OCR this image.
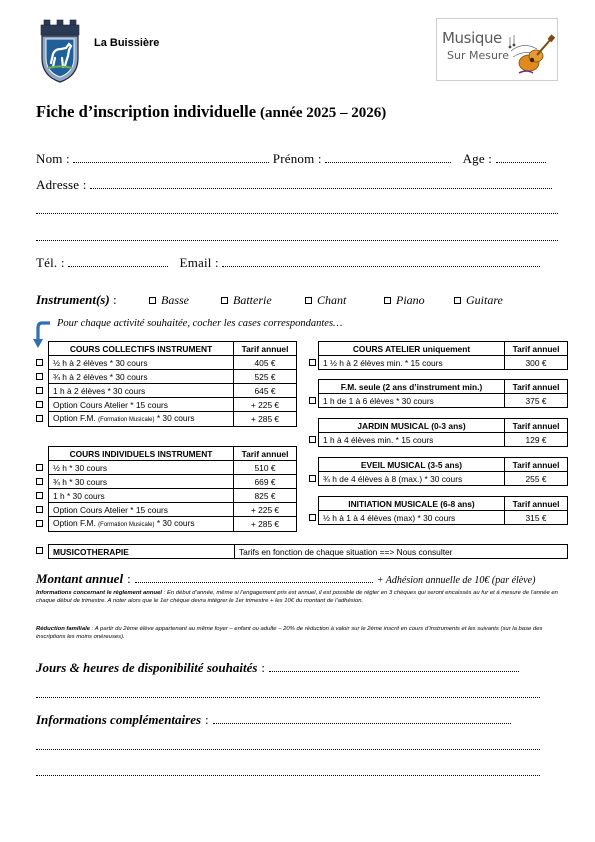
La Buissière	Musique
Sur Mesure
Fiche d’inscription individuelle (année 2025 – 2026)
Nom :	Prénom :	Age :
Adresse :
Tél. :	Email :
Instrument(s) :	Basse	Batterie	Chant	Piano	Guitare
Pour chaque activité souhaitée, cocher les cases correspondantes…
COURS COLLECTIFS INSTRUMENT	Tarif annuel
½ h à 2 élèves * 30 cours	405 €
¾ h à 2 élèves * 30 cours	525 €
1 h à 2 élèves * 30 cours	645 €
Option Cours Atelier * 15 cours	+ 225 €
Option F.M. (Formation Musicale) * 30 cours	+ 285 €
COURS INDIVIDUELS INSTRUMENT	Tarif annuel
½ h * 30 cours	510 €
¾ h * 30 cours	669 €
1 h * 30 cours	825 €
Option Cours Atelier * 15 cours	+ 225 €
Option F.M. (Formation Musicale) * 30 cours	+ 285 €
COURS ATELIER uniquement	Tarif annuel
1 ½ h à 2 élèves min. * 15 cours	300 €
F.M. seule (2 ans d’instrument min.)	Tarif annuel
1 h de 1 à 6 élèves * 30 cours	375 €
JARDIN MUSICAL (0-3 ans)	Tarif annuel
1 h à 4 élèves min. * 15 cours	129 €
EVEIL MUSICAL (3-5 ans)	Tarif annuel
¾ h de 4 élèves à 8 (max.) * 30 cours	255 €
INITIATION MUSICALE (6-8 ans)	Tarif annuel
½ h à 1 à 4 élèves (max) * 30 cours	315 €
MUSICOTHERAPIE	Tarifs en fonction de chaque situation ==> Nous consulter
Montant annuel :	+ Adhésion annuelle de 10€ (par élève)
Informations concernant le règlement annuel : En début d’année, même si l’engagement pris est annuel, il est possible de régler en 3 chèques qui seront encaissés au fur et à mesure de l’année en chaque début de trimestre. A noter alors que le 1er chèque devra intégrer le 1er trimestre + les 10€ du montant de l’adhésion.
Réduction familiale : A partir du 2ème élève appartenant au même foyer – enfant ou adulte – 20% de réduction à valoir sur le 2ème inscrit en cours d’instruments et les suivants (sur la base des inscriptions les moins onéreuses).
Jours & heures de disponibilité souhaités :
Informations complémentaires :
